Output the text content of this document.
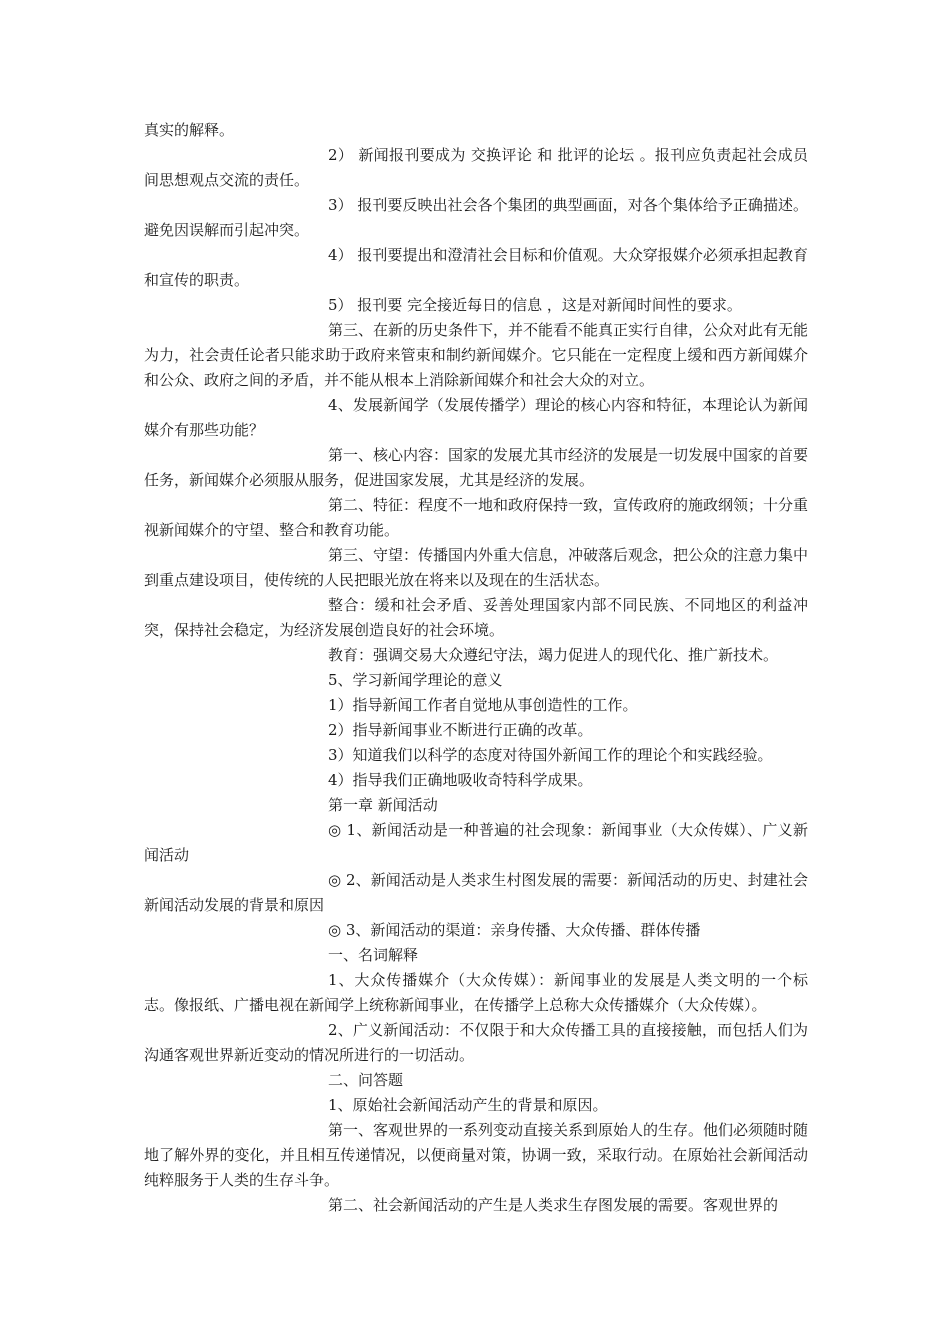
真实的解释。

2） 新闻报刊要成为 交换评论 和 批评的论坛 。报刊应负责起社会成员间思想观点交流的责任。

3） 报刊要反映出社会各个集团的典型画面，对各个集体给予正确描述。避免因误解而引起冲突。

4） 报刊要提出和澄清社会目标和价值观。大众穿报媒介必须承担起教育和宣传的职责。

5） 报刊要 完全接近每日的信息 ，这是对新闻时间性的要求。

第三、在新的历史条件下，并不能看不能真正实行自律，公众对此有无能为力，社会责任论者只能求助于政府来管束和制约新闻媒介。它只能在一定程度上缓和西方新闻媒介和公众、政府之间的矛盾，并不能从根本上消除新闻媒介和社会大众的对立。

4、发展新闻学（发展传播学）理论的核心内容和特征，本理论认为新闻媒介有那些功能？

第一、核心内容：国家的发展尤其市经济的发展是一切发展中国家的首要任务，新闻媒介必须服从服务，促进国家发展，尤其是经济的发展。

第二、特征：程度不一地和政府保持一致，宣传政府的施政纲领；十分重视新闻媒介的守望、整合和教育功能。

第三、守望：传播国内外重大信息，冲破落后观念，把公众的注意力集中到重点建设项目，使传统的人民把眼光放在将来以及现在的生活状态。

整合：缓和社会矛盾、妥善处理国家内部不同民族、不同地区的利益冲突，保持社会稳定，为经济发展创造良好的社会环境。

教育：强调交易大众遵纪守法，竭力促进人的现代化、推广新技术。

5、学习新闻学理论的意义

1）指导新闻工作者自觉地从事创造性的工作。

2）指导新闻事业不断进行正确的改革。

3）知道我们以科学的态度对待国外新闻工作的理论个和实践经验。

4）指导我们正确地吸收奇特科学成果。

第一章 新闻活动

◎ 1、新闻活动是一种普遍的社会现象：新闻事业（大众传媒）、广义新闻活动

◎ 2、新闻活动是人类求生村图发展的需要：新闻活动的历史、封建社会新闻活动发展的背景和原因

◎ 3、新闻活动的渠道：亲身传播、大众传播、群体传播

一、名词解释

1、大众传播媒介（大众传媒）：新闻事业的发展是人类文明的一个标志。像报纸、广播电视在新闻学上统称新闻事业，在传播学上总称大众传播媒介（大众传媒）。

2、广义新闻活动：不仅限于和大众传播工具的直接接触，而包括人们为沟通客观世界新近变动的情况所进行的一切活动。

二、问答题

1、原始社会新闻活动产生的背景和原因。

第一、客观世界的一系列变动直接关系到原始人的生存。他们必须随时随地了解外界的变化，并且相互传递情况，以便商量对策，协调一致，采取行动。在原始社会新闻活动纯粹服务于人类的生存斗争。

第二、社会新闻活动的产生是人类求生存图发展的需要。客观世界的
